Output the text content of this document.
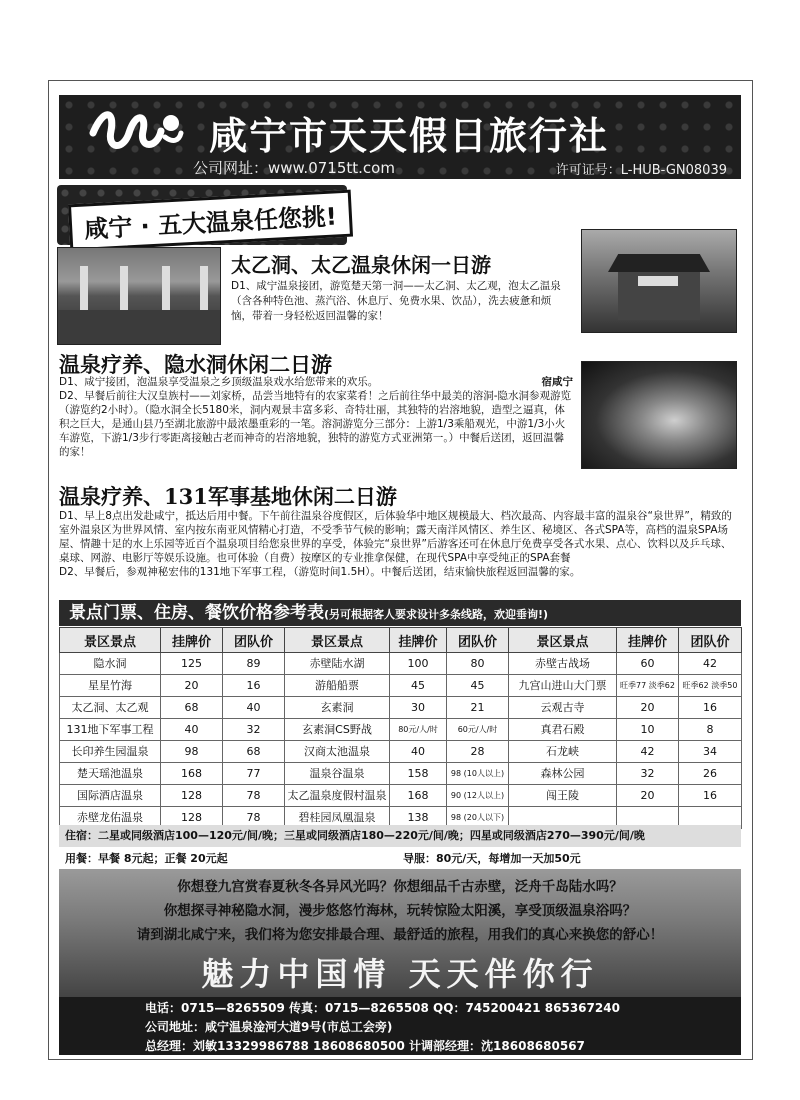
咸宁市天天假日旅行社
公司网址：www.0715tt.com	许可证号：L-HUB-GN08039
咸宁 · 五大温泉任您挑!
太乙洞、太乙温泉休闲一日游

D1、咸宁温泉接团，游览楚天第一洞——太乙洞、太乙观，泡太乙温泉（含各种特色池、蒸汽浴、休息厅、免费水果、饮品），洗去疲惫和烦恼，带着一身轻松返回温馨的家！

温泉疗养、隐水洞休闲二日游

宿咸宁
D1、咸宁接团，泡温泉享受温泉之乡顶级温泉戏水给您带来的欢乐。

D2、早餐后前往大汉皇族村——刘家桥，品尝当地特有的农家菜肴！之后前往华中最美的溶洞-隐水洞参观游览（游览约2小时）。（隐水洞全长5180米，洞内观景丰富多彩、奇特壮丽，其独特的岩溶地貌，造型之逼真，体积之巨大，是通山县乃至湖北旅游中最浓墨重彩的一笔。溶洞游览分三部分：上游1/3乘船观光，中游1/3小火车游览，下游1/3步行零距离接触古老而神奇的岩溶地貌，独特的游览方式亚洲第一。）中餐后送团，返回温馨的家！

温泉疗养、131军事基地休闲二日游

D1、早上8点出发赴咸宁，抵达后用中餐。下午前往温泉谷度假区，后体验华中地区规模最大、档次最高、内容最丰富的温泉谷“泉世界”，精致的室外温泉区为世界风情、室内按东南亚风情精心打造，不受季节气候的影响；露天南洋风情区、养生区、秘境区、各式SPA等，高档的温泉SPA场屋、情趣十足的水上乐园等近百个温泉项目给您泉世界的享受，体验完“泉世界”后游客还可在休息厅免费享受各式水果、点心、饮料以及乒乓球、桌球、网游、电影厅等娱乐设施。也可体验（自费）按摩区的专业推拿保健，在现代SPA中享受纯正的SPA套餐

D2、早餐后，参观神秘宏伟的131地下军事工程，（游览时间1.5H）。中餐后送团，结束愉快旅程返回温馨的家。

景点门票、住房、餐饮价格参考表(另可根据客人要求设计多条线路，欢迎垂询!)
景区景点	挂牌价	团队价	景区景点	挂牌价	团队价	景区景点	挂牌价	团队价
隐水洞	125	89	赤壁陆水湖	100	80	赤壁古战场	60	42
星星竹海	20	16	游船船票	45	45	九宫山进山大门票	旺季77 淡季62	旺季62 淡季50
太乙洞、太乙观	68	40	玄素洞	30	21	云观古寺	20	16
131地下军事工程	40	32	玄素洞CS野战	80元/人/时	60元/人/时	真君石殿	10	8
长印养生园温泉	98	68	汉商太池温泉	40	28	石龙峡	42	34
楚天瑶池温泉	168	77	温泉谷温泉	158	98 (10人以上)	森林公园	32	26
国际酒店温泉	128	78	太乙温泉度假村温泉	168	90 (12人以上)	闯王陵	20	16
赤壁龙佑温泉	128	78	碧桂园凤凰温泉	138	98 (20人以下)			
住宿：二星或同级酒店100—120元/间/晚；三星或同级酒店180—220元/间/晚；四星或同级酒店270—390元/间/晚
用餐：早餐 8元起；正餐 20元起	导服：80元/天，每增加一天加50元
你想登九宫赏春夏秋冬各异风光吗？你想细品千古赤壁，泛舟千岛陆水吗？
你想探寻神秘隐水洞，漫步悠悠竹海林，玩转惊险太阳溪，享受顶级温泉浴吗？
请到湖北咸宁来，我们将为您安排最合理、最舒适的旅程，用我们的真心来换您的舒心！
魅力中国情 天天伴你行
电话：0715—8265509 传真：0715—8265508 QQ：745200421 865367240
公司地址：咸宁温泉淦河大道9号(市总工会旁)
总经理：刘敏13329986788 18608680500 计调部经理：沈18608680567
